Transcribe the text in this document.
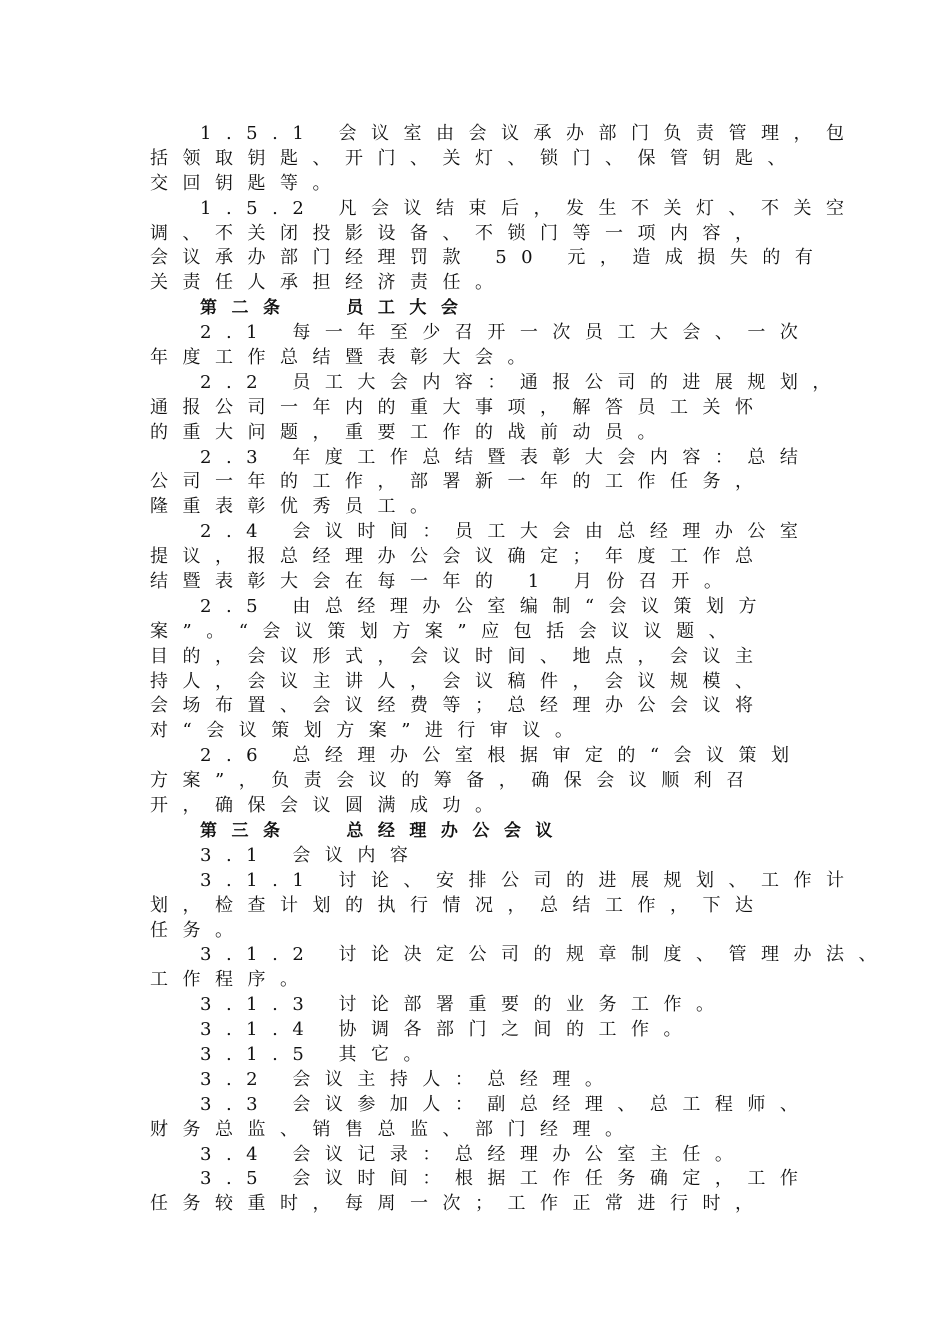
1.5.1 会议室由会议承办部门负责管理，包
括领取钥匙、开门、关灯、锁门、保管钥匙、
交回钥匙等。
1.5.2 凡会议结束后，发生不关灯、不关空
调、不关闭投影设备、不锁门等一项内容，
会议承办部门经理罚款 50 元，造成损失的有
关责任人承担经济责任。
第二条　 员工大会
2.1 每一年至少召开一次员工大会、一次
年度工作总结暨表彰大会。
2.2 员工大会内容：通报公司的进展规划，
通报公司一年内的重大事项，解答员工关怀
的重大问题，重要工作的战前动员。
2.3 年度工作总结暨表彰大会内容：总结
公司一年的工作，部署新一年的工作任务，
隆重表彰优秀员工。
2.4 会议时间：员工大会由总经理办公室
提议，报总经理办公会议确定；年度工作总
结暨表彰大会在每一年的 1 月份召开。
2.5 由总经理办公室编制“会议策划方
案”。“会议策划方案”应包括会议议题、
目的，会议形式，会议时间、地点，会议主
持人，会议主讲人，会议稿件，会议规模、
会场布置、会议经费等；总经理办公会议将
对“会议策划方案”进行审议。
2.6 总经理办公室根据审定的“会议策划
方案”，负责会议的筹备，确保会议顺利召
开，确保会议圆满成功。
第三条　 总经理办公会议
3.1 会议内容
3.1.1 讨论、安排公司的进展规划、工作计
划，检查计划的执行情况，总结工作，下达
任务。
3.1.2 讨论决定公司的规章制度、管理办法、
工作程序。
3.1.3 讨论部署重要的业务工作。
3.1.4 协调各部门之间的工作。
3.1.5 其它。
3.2 会议主持人：总经理。
3.3 会议参加人：副总经理、总工程师、
财务总监、销售总监、部门经理。
3.4 会议记录：总经理办公室主任。
3.5 会议时间：根据工作任务确定，工作
任务较重时，每周一次；工作正常进行时，
